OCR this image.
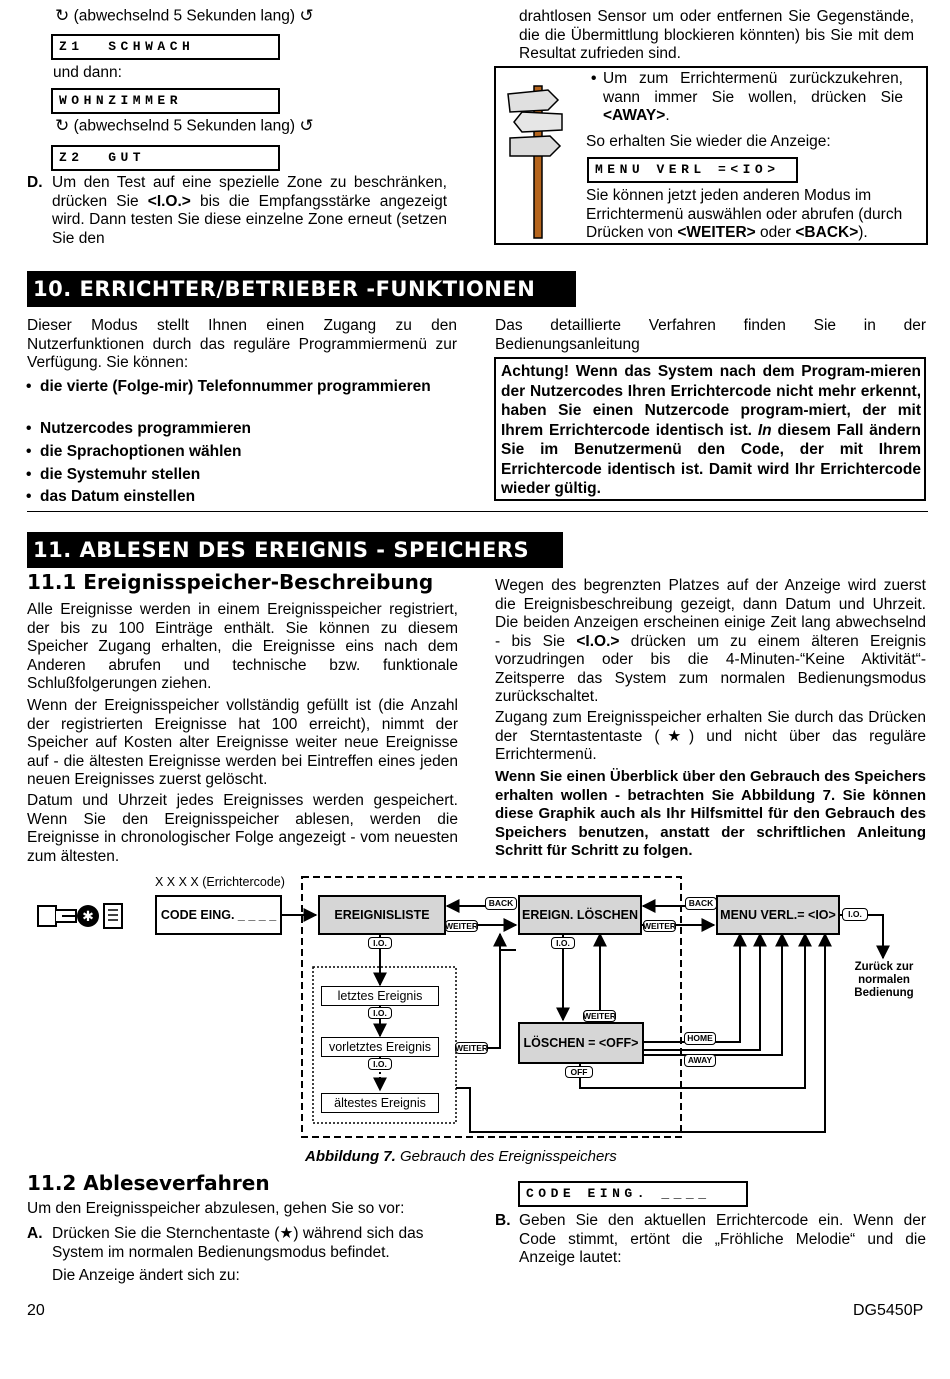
↻ (abwechselnd 5 Sekunden lang) ↺
Z1  SCHWACH
und dann:
WOHNZIMMER
↻ (abwechselnd 5 Sekunden lang) ↺
Z2  GUT
D. Um den Test auf eine spezielle Zone zu beschränken, drücken Sie <I.O.> bis die Empfangsstärke angezeigt wird. Dann testen Sie diese einzelne Zone erneut (setzen Sie den
drahtlosen Sensor um oder entfernen Sie Gegenstände, die die Übermittlung blockieren könnten) bis Sie mit dem Resultat zufrieden sind.
• Um zum Errichtermenü zurückzukehren, wann immer Sie wollen, drücken Sie <AWAY>.
So erhalten Sie wieder die Anzeige:
MENU VERL =<IO>
Sie können jetzt jeden anderen Modus im Errichtermenü auswählen oder abrufen (durch Drücken von <WEITER> oder <BACK>).
10. ERRICHTER/BETRIEBER -FUNKTIONEN
Dieser Modus stellt Ihnen einen Zugang zu den Nutzerfunktionen durch das reguläre Programmiermenü zur Verfügung. Sie können:
• die vierte (Folge-mir) Telefonnummer programmieren
• Nutzercodes programmieren
• die Sprachoptionen wählen
• die Systemuhr stellen
• das Datum einstellen
Das detaillierte Verfahren finden Sie in der Bedienungsanleitung
Achtung! Wenn das System nach dem Program-mieren der Nutzercodes Ihren Errichtercode nicht mehr erkennt, haben Sie einen Nutzercode program-miert, der mit Ihrem Errichtercode identisch ist. In diesem Fall ändern Sie im Benutzermenü den Code, der mit Ihrem Errichtercode identisch ist. Damit wird Ihr Errichtercode wieder gültig.
11. ABLESEN DES EREIGNIS - SPEICHERS
11.1 Ereignisspeicher-Beschreibung
Alle Ereignisse werden in einem Ereignisspeicher registriert, der bis zu 100 Einträge enthält. Sie können zu diesem Speicher Zugang erhalten, die Ereignisse eins nach dem Anderen abrufen und technische bzw. funktionale Schlußfolgerungen ziehen.
Wenn der Ereignisspeicher vollständig gefüllt ist (die Anzahl der registrierten Ereignisse hat 100 erreicht), nimmt der Speicher auf Kosten alter Ereignisse weiter neue Ereignisse auf - die ältesten Ereignisse werden bei Eintreffen eines jeden neuen Ereignisses zuerst gelöscht.
Datum und Uhrzeit jedes Ereignisses werden gespeichert. Wenn Sie den Ereignisspeicher ablesen, werden die Ereignisse in chronologischer Folge angezeigt - vom neuesten zum ältesten.
Wegen des begrenzten Platzes auf der Anzeige wird zuerst die Ereignisbeschreibung gezeigt, dann Datum und Uhrzeit. Die beiden Anzeigen erscheinen einige Zeit lang abwechselnd - bis Sie <I.O.> drücken um zu einem älteren Ereignis vorzudringen oder bis die 4-Minuten-“Keine Aktivität“-Zeitsperre das System zum normalen Bedienungsmodus zurückschaltet.
Zugang zum Ereignisspeicher erhalten Sie durch das Drücken der Sterntastentaste (★) und nicht über das reguläre Errichtermenü.
Wenn Sie einen Überblick über den Gebrauch des Speichers erhalten wollen - betrachten Sie Abbildung 7. Sie können diese Graphik auch als Ihr Hilfsmittel für den Gebrauch des Speichers benutzen, anstatt der schriftlichen Anleitung Schritt für Schritt zu folgen.
✱
X X X X (Errichtercode)
CODE EING. _ _ _ _	EREIGNISLISTE	EREIGN. LÖSCHEN	MENU VERL.= <IO>
letztes Ereignis
vorletztes Ereignis
ältestes Ereignis
LÖSCHEN = <OFF>
BACK
WEITER
BACK
WEITER
I.O.
I.O.
I.O.
I.O.
WEITER
I.O.
WEITER
HOME
AWAY
OFF
Zurück zur normalen Bedienung
Abbildung 7. Gebrauch des Ereignisspeichers
11.2 Ableseverfahren
Um den Ereignisspeicher abzulesen, gehen Sie so vor:
A. Drücken Sie die Sternchentaste (★) während sich das System im normalen Bedienungsmodus befindet.
Die Anzeige ändert sich zu:
CODE EING. ____
B. Geben Sie den aktuellen Errichtercode ein. Wenn der Code stimmt, ertönt die „Fröhliche Melodie“ und die Anzeige lautet:
20	DG5450P
